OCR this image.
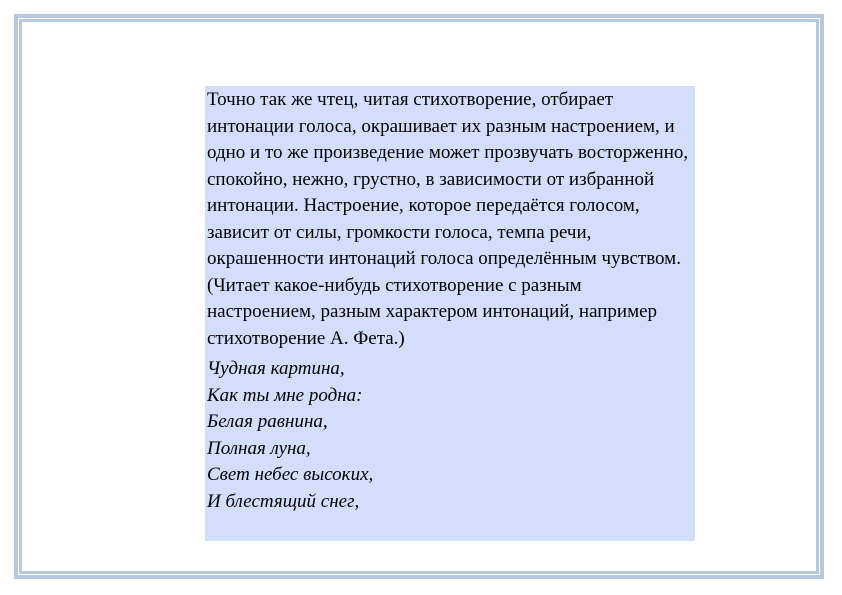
Точно так же чтец, читая стихотворение, отбирает интонации голоса, окрашивает их разным настроением, и одно и то же произведение может прозвучать восторженно, спокойно, нежно, грустно, в зависимости от избранной интонации. Настроение, которое передаётся голосом, зависит от силы, громкости голоса, темпа речи, окрашенности интонаций голоса определённым чувством. (Читает какое-нибудь стихотворение с разным настроением, разным характером интонаций, например стихотворение А. Фета.)

Чудная картина,
Как ты мне родна:
Белая равнина,
Полная луна,
Свет небес высоких,
И блестящий снег,
